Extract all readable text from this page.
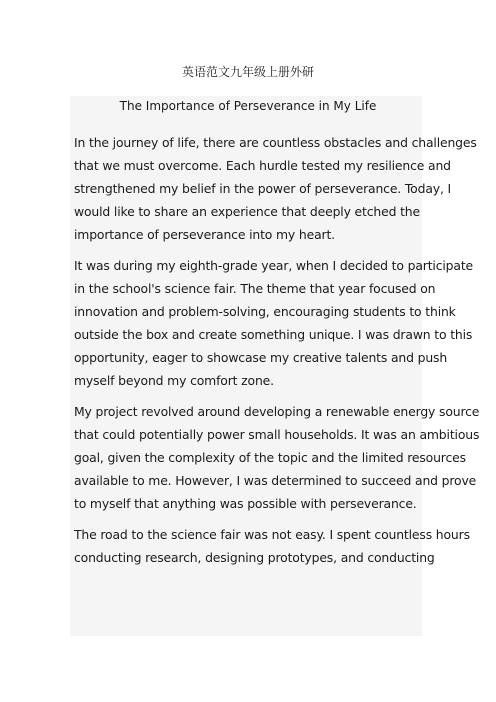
英语范文九年级上册外研
The Importance of Perseverance in My Life

In the journey of life, there are countless obstacles and challenges
that we must overcome. Each hurdle tested my resilience and
strengthened my belief in the power of perseverance. Today, I
would like to share an experience that deeply etched the
importance of perseverance into my heart.

It was during my eighth-grade year, when I decided to participate
in the school's science fair. The theme that year focused on
innovation and problem-solving, encouraging students to think
outside the box and create something unique. I was drawn to this
opportunity, eager to showcase my creative talents and push
myself beyond my comfort zone.

My project revolved around developing a renewable energy source
that could potentially power small households. It was an ambitious
goal, given the complexity of the topic and the limited resources
available to me. However, I was determined to succeed and prove
to myself that anything was possible with perseverance.

The road to the science fair was not easy. I spent countless hours
conducting research, designing prototypes, and conducting
